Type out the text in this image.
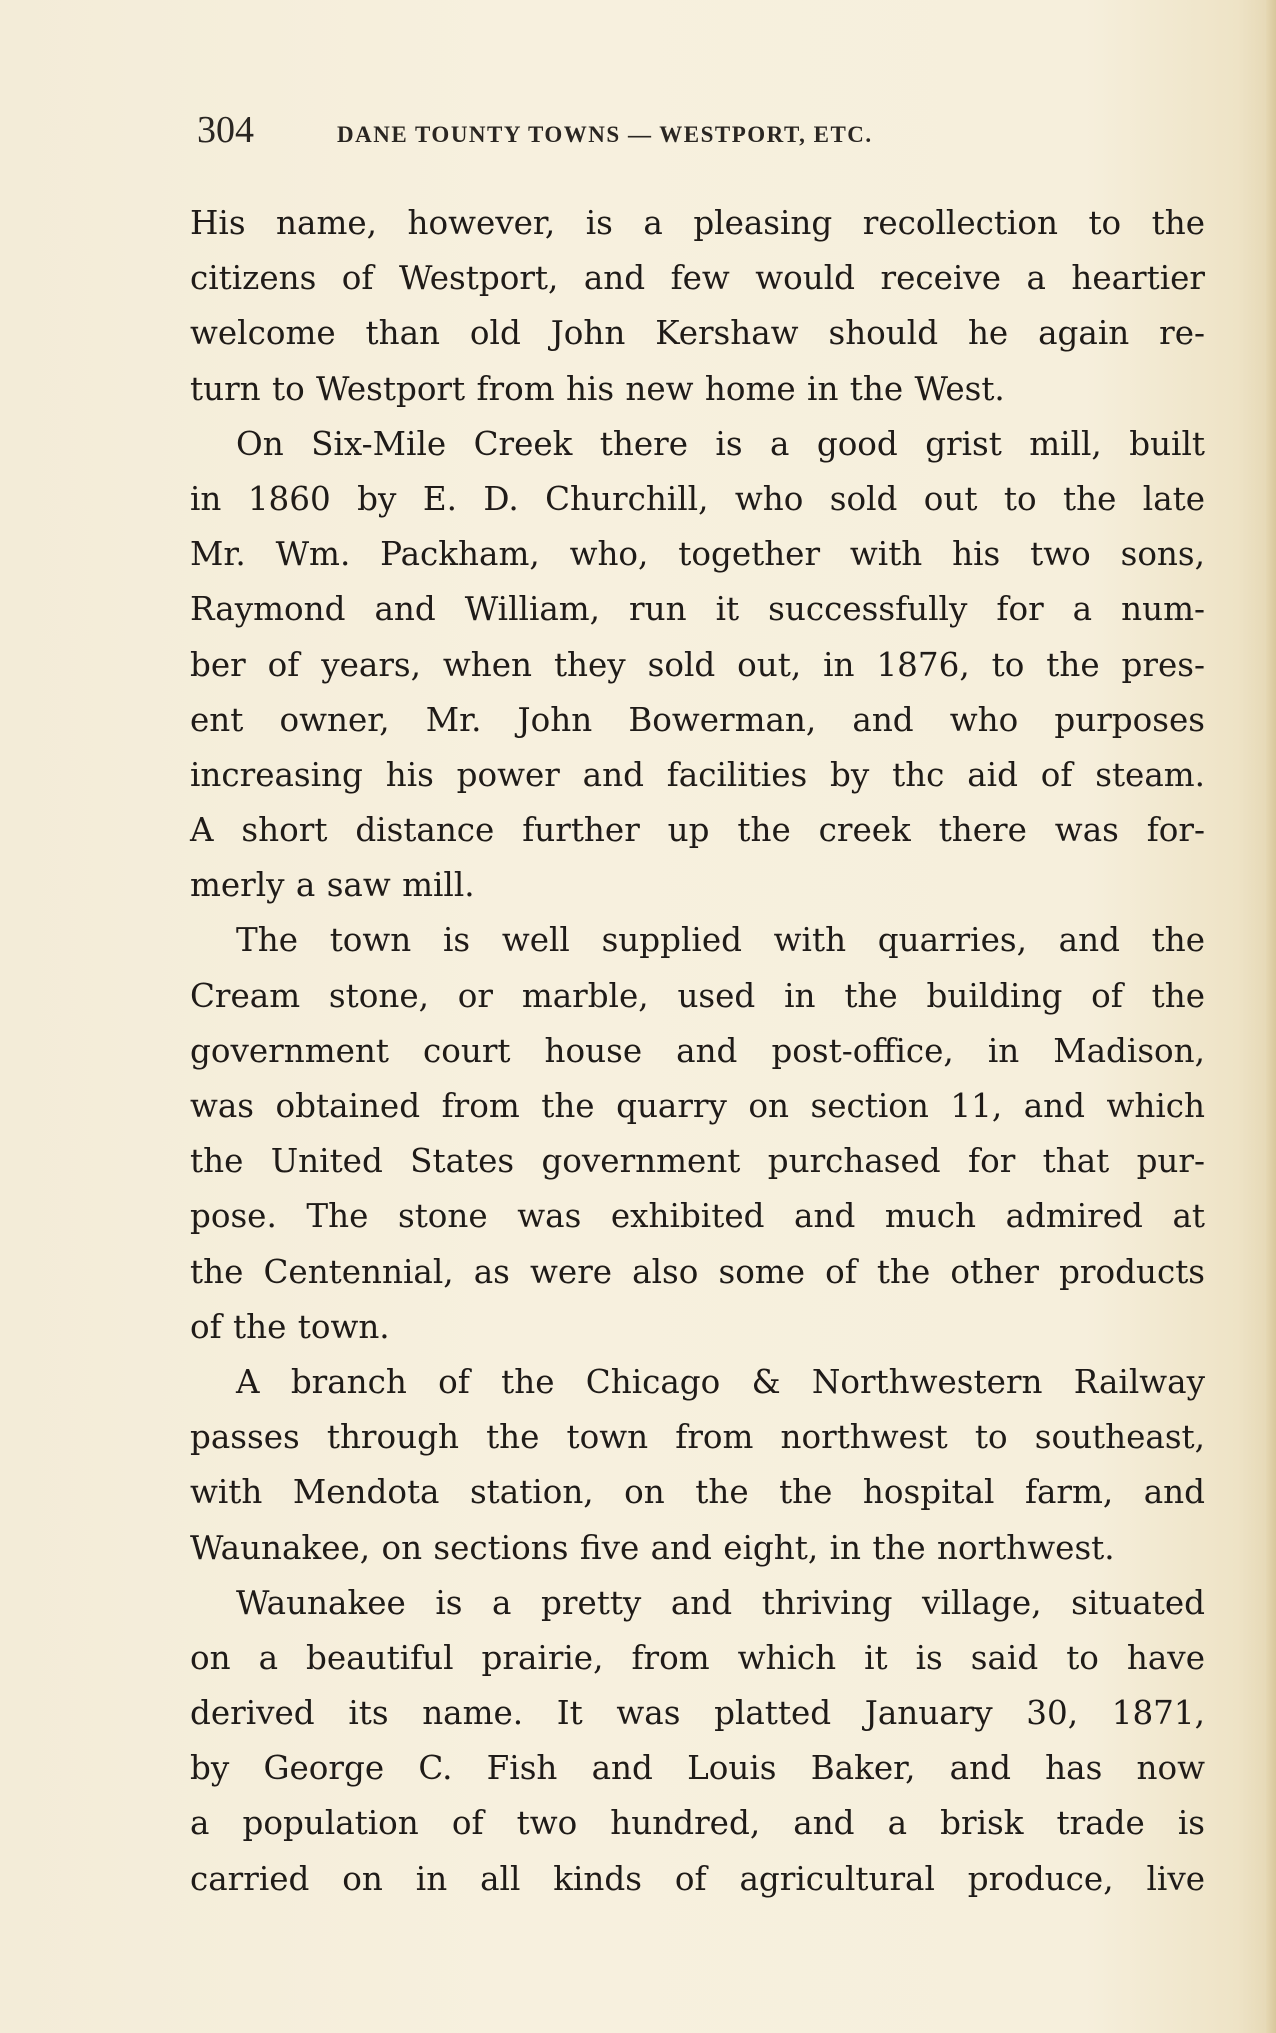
304	DANE TOUNTY TOWNS — WESTPORT, ETC.
His name, however, is a pleasing recollection to the
citizens of Westport, and few would receive a heartier
welcome than old John Kershaw should he again re-
turn to Westport from his new home in the West.
On Six-Mile Creek there is a good grist mill, built
in 1860 by E. D. Churchill, who sold out to the late
Mr. Wm. Packham, who, together with his two sons,
Raymond and William, run it successfully for a num-
ber of years, when they sold out, in 1876, to the pres-
ent owner, Mr. John Bowerman, and who purposes
increasing his power and facilities by thc aid of steam.
A short distance further up the creek there was for-
merly a saw mill.
The town is well supplied with quarries, and the
Cream stone, or marble, used in the building of the
government court house and post-office, in Madison,
was obtained from the quarry on section 11, and which
the United States government purchased for that pur-
pose. The stone was exhibited and much admired at
the Centennial, as were also some of the other products
of the town.
A branch of the Chicago & Northwestern Railway
passes through the town from northwest to southeast,
with Mendota station, on the the hospital farm, and
Waunakee, on sections five and eight, in the northwest.
Waunakee is a pretty and thriving village, situated
on a beautiful prairie, from which it is said to have
derived its name. It was platted January 30, 1871,
by George C. Fish and Louis Baker, and has now
a population of two hundred, and a brisk trade is
carried on in all kinds of agricultural produce, live
